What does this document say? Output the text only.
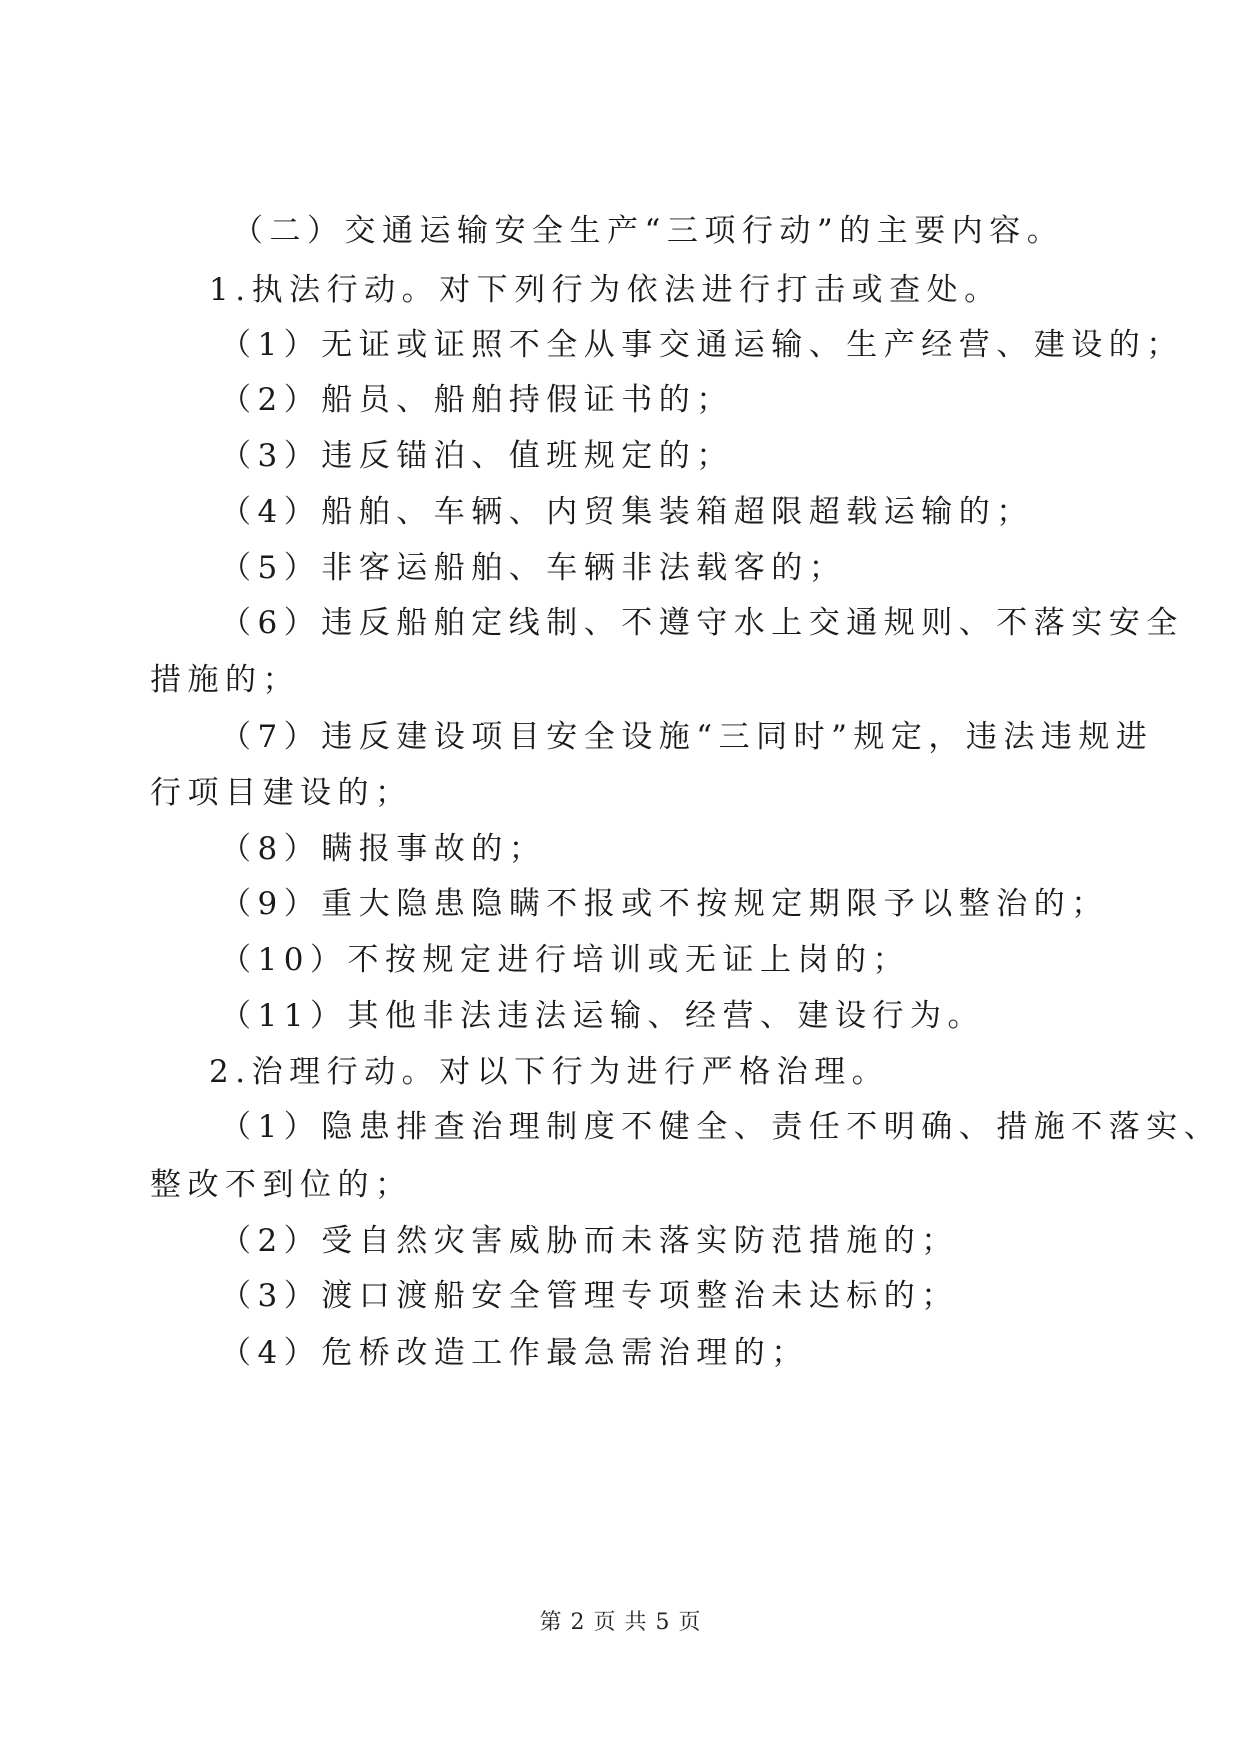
（二）交通运输安全生产“三项行动”的主要内容。
1.执法行动。对下列行为依法进行打击或查处。
（1）无证或证照不全从事交通运输、生产经营、建设的；
（2）船员、船舶持假证书的；
（3）违反锚泊、值班规定的；
（4）船舶、车辆、内贸集装箱超限超载运输的；
（5）非客运船舶、车辆非法载客的；
（6）违反船舶定线制、不遵守水上交通规则、不落实安全
措施的；
（7）违反建设项目安全设施“三同时”规定，违法违规进
行项目建设的；
（8）瞒报事故的；
（9）重大隐患隐瞒不报或不按规定期限予以整治的；
（10）不按规定进行培训或无证上岗的；
（11）其他非法违法运输、经营、建设行为。
2.治理行动。对以下行为进行严格治理。
（1）隐患排查治理制度不健全、责任不明确、措施不落实、
整改不到位的；
（2）受自然灾害威胁而未落实防范措施的；
（3）渡口渡船安全管理专项整治未达标的；
（4）危桥改造工作最急需治理的；
第 2 页 共 5 页
